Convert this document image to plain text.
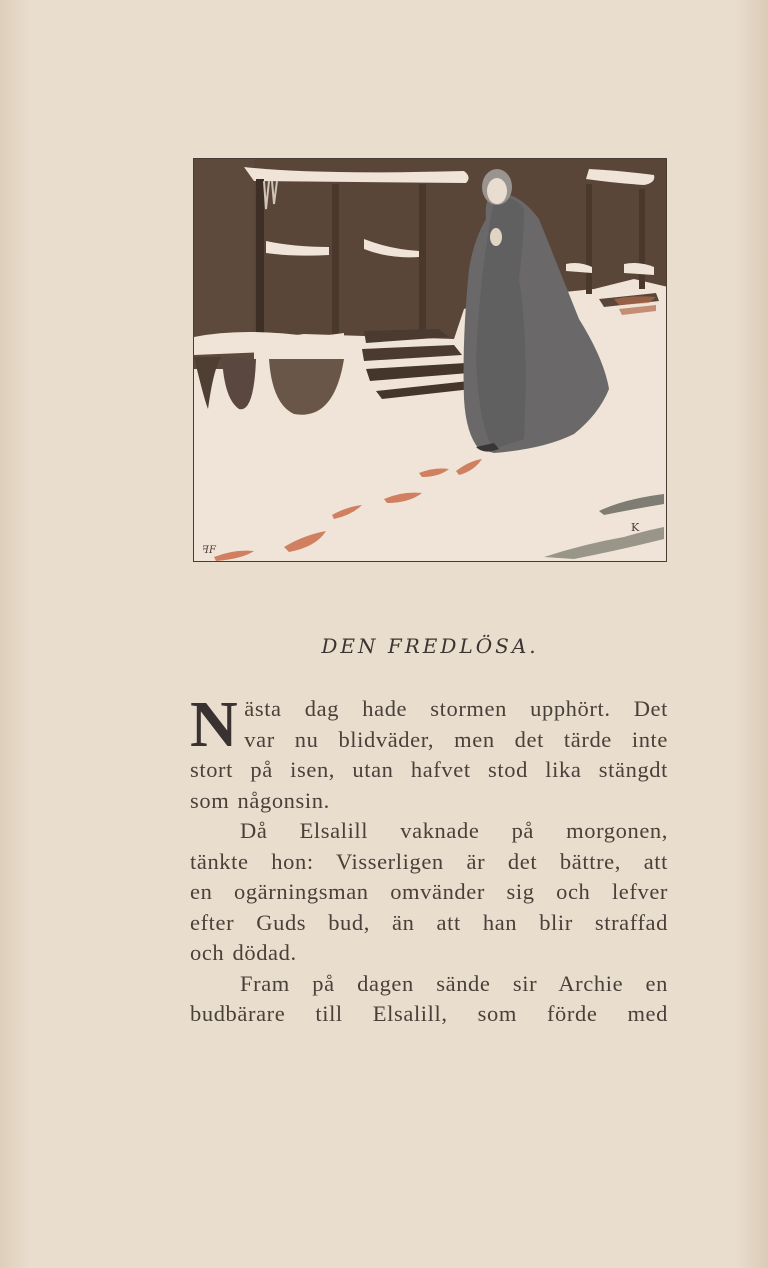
ꟻF
K
DEN FREDLÖSA.

N ästa dag hade stormen upphört. Det
var nu blidväder, men det tärde inte
stort på isen, utan hafvet stod lika stängdt
som någonsin.

Då Elsalill vaknade på morgonen,
tänkte hon: Visserligen är det bättre, att
en ogärningsman omvänder sig och lefver
efter Guds bud, än att han blir straffad
och dödad.

Fram på dagen sände sir Archie en
budbärare till Elsalill, som förde med
